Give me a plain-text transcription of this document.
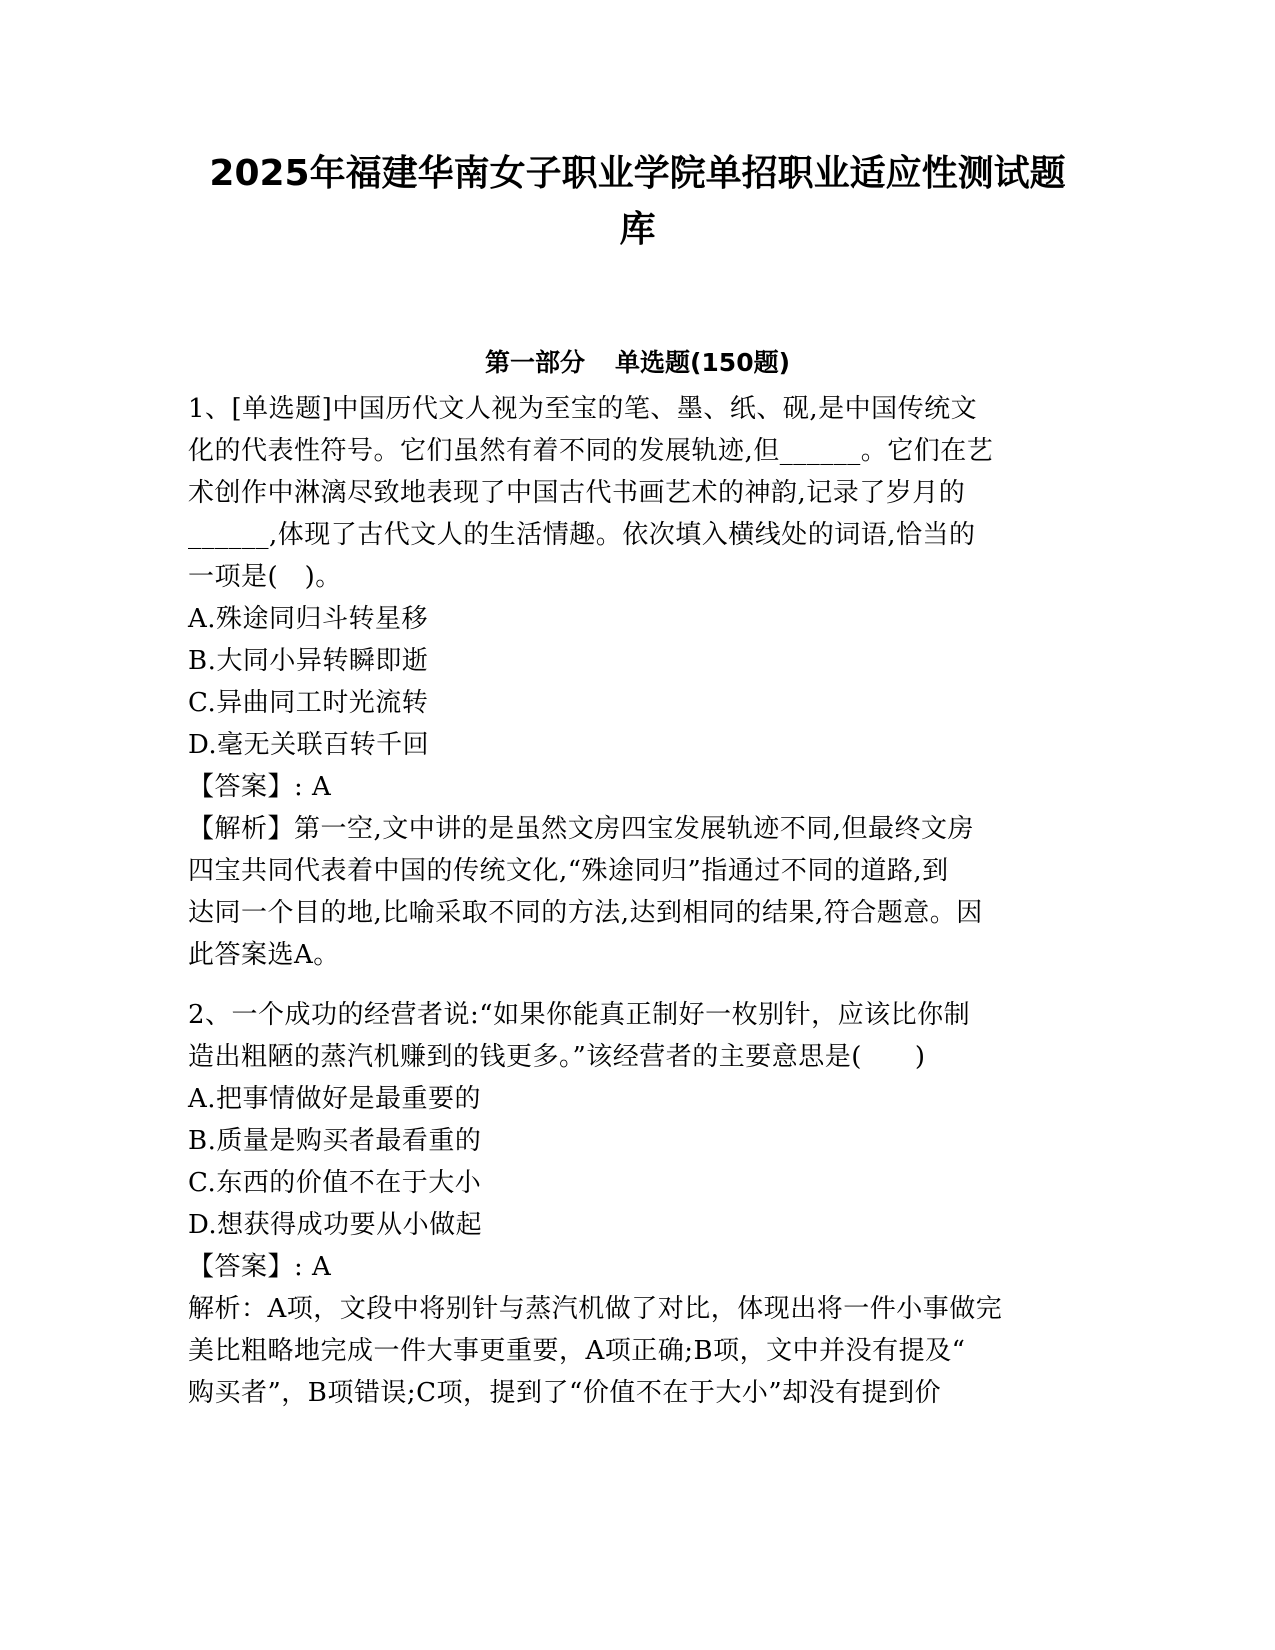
2025年福建华南女子职业学院单招职业适应性测试题
库
第一部分 单选题(150题)

1、[单选题]中国历代文人视为至宝的笔、墨、纸、砚,是中国传统文

化的代表性符号。它们虽然有着不同的发展轨迹,但______。它们在艺

术创作中淋漓尽致地表现了中国古代书画艺术的神韵,记录了岁月的

______,体现了古代文人的生活情趣。依次填入横线处的词语,恰当的

一项是(　)。

A.殊途同归斗转星移

B.大同小异转瞬即逝

C.异曲同工时光流转

D.毫无关联百转千回

【答案】: A

【解析】第一空,文中讲的是虽然文房四宝发展轨迹不同,但最终文房

四宝共同代表着中国的传统文化,“殊途同归”指通过不同的道路,到

达同一个目的地,比喻采取不同的方法,达到相同的结果,符合题意。因

此答案选A。

2、一个成功的经营者说:“如果你能真正制好一枚别针，应该比你制

造出粗陋的蒸汽机赚到的钱更多。”该经营者的主要意思是(　　)

A.把事情做好是最重要的

B.质量是购买者最看重的

C.东西的价值不在于大小

D.想获得成功要从小做起

【答案】: A

解析：A项，文段中将别针与蒸汽机做了对比，体现出将一件小事做完

美比粗略地完成一件大事更重要，A项正确;B项，文中并没有提及“

购买者”，B项错误;C项，提到了“价值不在于大小”却没有提到价
